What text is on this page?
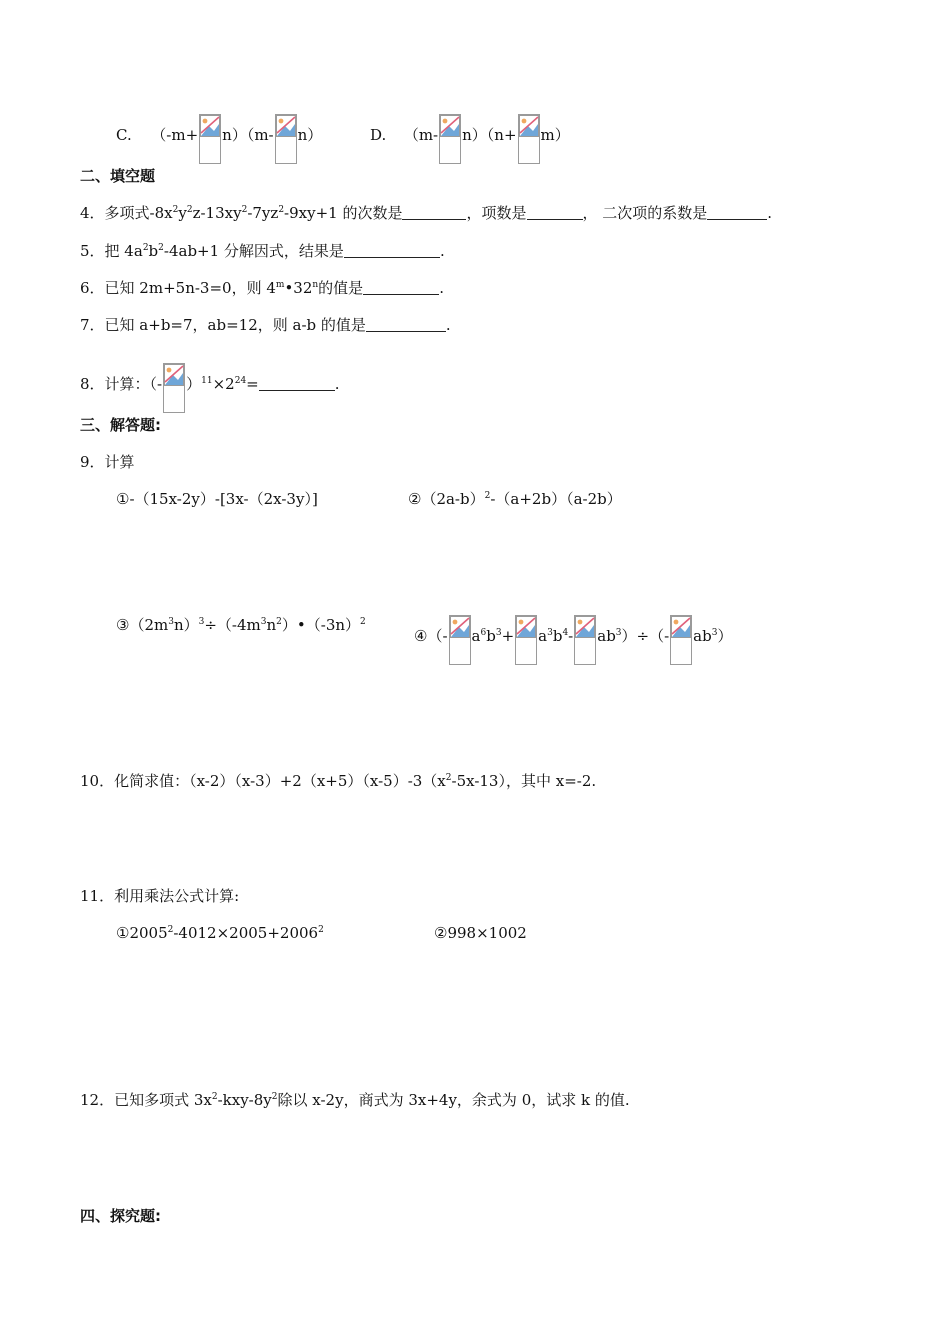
C. （-m+ n）（m- n）	D. （m- n）（n+ m）
二、填空题
4．多项式$-8x^2y^2z-13xy^2-7yz^2-9xy+1$ 的次数是	，项数是	， 二次项的系数是	.
5．把 $4a^2b^2-4ab+1$ 分解因式，结果是	.
6．已知 2m+5n-3=0，则 4$^m$•32$^n$的值是	.
7．已知 a+b=7，ab=12，则 a-b 的值是	.
8．计算：（- ）$^{11}\times 2^{24}=$	.
三、解答题:
9．计算
①-（15x-2y）-[3x-（2x-3y）]	$②(2a-b)^2-(a+2b)(a-2b)$
$③(2m^3n)^3\div(-4m^3n^2)•(-3n)^2$
④（- $a^6b^3+ a^3b^4-$ $ab^3)\div(-$ $ab^3$）
10．化简求值：$(x-2)(x-3)+2(x+5)(x-5)-3(x^2-5x-13)$，其中 x=-2.
11．利用乘法公式计算:
$①2005^2-4012\times 2005+2006^2$	②998×1002
12．已知多项式 $3x^2-kxy-8y^2$除以 x-2y，商式为 3x+4y，余式为 0，试求 k 的值.
四、探究题:
